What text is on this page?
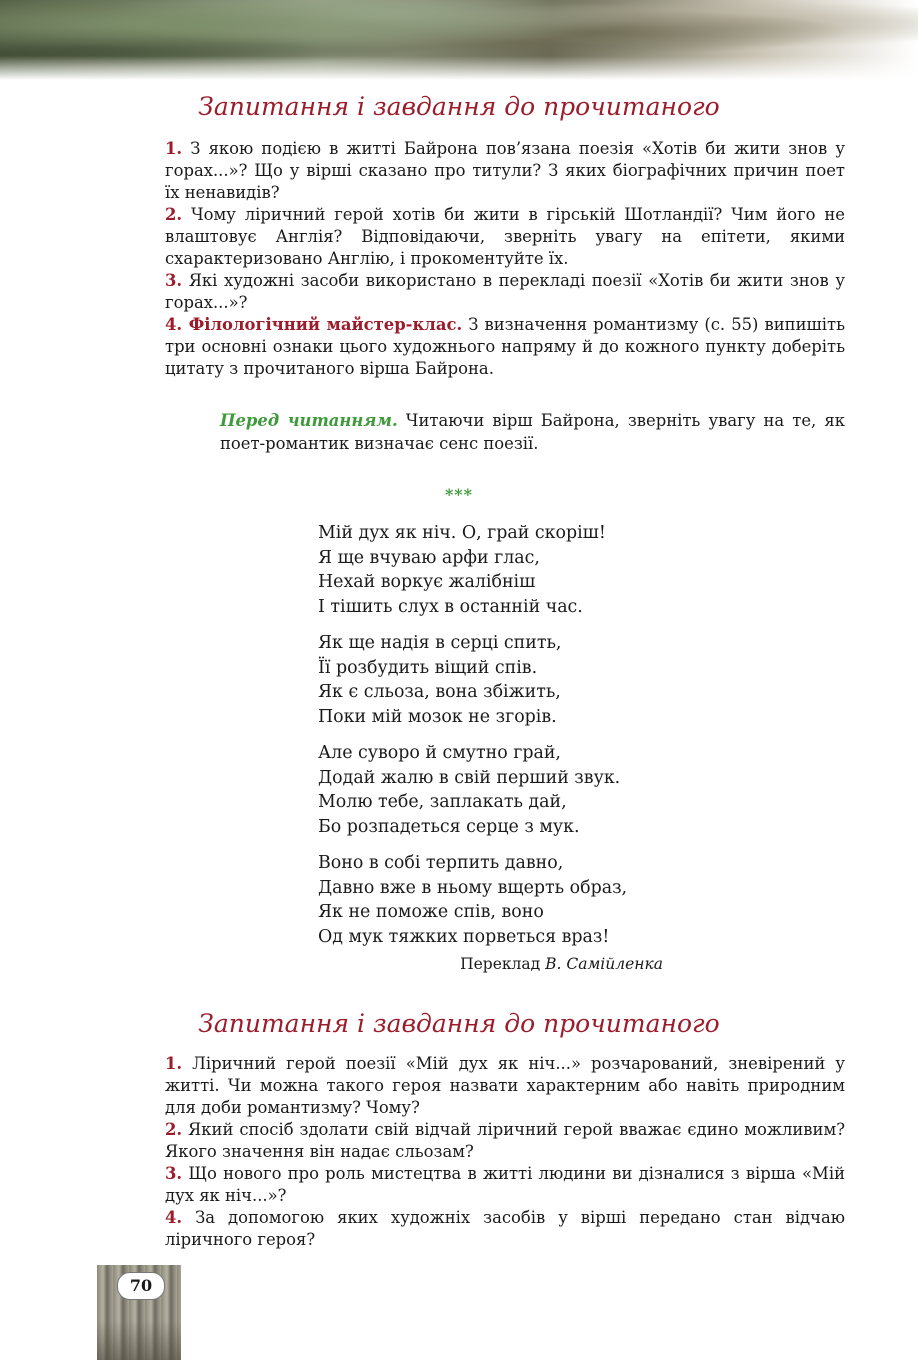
Запитання і завдання до прочитаного

1. З якою подією в житті Байрона пов’язана поезія «Хотів би жити знов у горах...»? Що у вірші сказано про титули? З яких біографічних причин поет їх ненавидів?

2. Чому ліричний герой хотів би жити в гірській Шотландії? Чим його не влаштовує Англія? Відповідаючи, зверніть увагу на епітети, якими схарактеризовано Англію, і прокоментуйте їх.

3. Які художні засоби використано в перекладі поезії «Хотів би жити знов у горах...»?

4. Філологічний майстер-клас. З визначення романтизму (с. 55) випишіть три основні ознаки цього художнього напряму й до кожного пункту доберіть цитату з прочитаного вірша Байрона.

Перед читанням. Читаючи вірш Байрона, зверніть увагу на те, як поет-романтик визначає сенс поезії.

***
Мій дух як ніч. О, грай скоріш!
Я ще вчуваю арфи глас,
Нехай воркує жалібніш
І тішить слух в останній час.
Як ще надія в серці спить,
Її розбудить віщий спів.
Як є сльоза, вона збіжить,
Поки мій мозок не згорів.
Але суворо й смутно грай,
Додай жалю в свій перший звук.
Молю тебе, заплакать дай,
Бо розпадеться серце з мук.
Воно в собі терпить давно,
Давно вже в ньому вщерть образ,
Як не поможе спів, воно
Од мук тяжких порветься враз!
Переклад В. Самійленка
Запитання і завдання до прочитаного

1. Ліричний герой поезії «Мій дух як ніч...» розчарований, зневірений у житті. Чи можна такого героя назвати характерним або навіть природним для доби романтизму? Чому?

2. Який спосіб здолати свій відчай ліричний герой вважає єдино можливим? Якого значення він надає сльозам?

3. Що нового про роль мистецтва в житті людини ви дізналися з вірша «Мій дух як ніч...»?

4. За допомогою яких художніх засобів у вірші передано стан відчаю ліричного героя?

70
